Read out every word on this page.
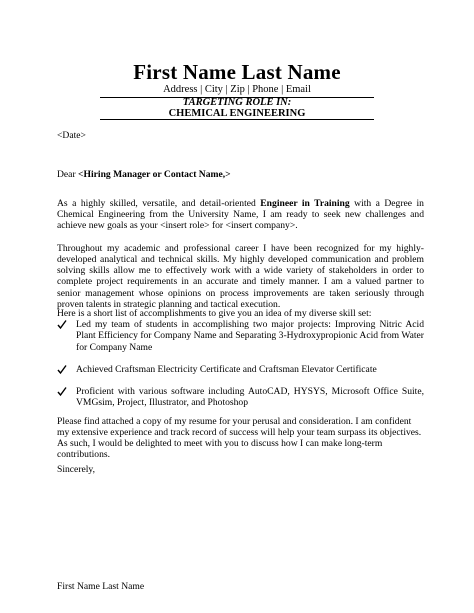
First Name Last Name
Address | City | Zip | Phone | Email
TARGETING ROLE IN:
CHEMICAL ENGINEERING
<Date>

Dear <Hiring Manager or Contact Name,>

As a highly skilled, versatile, and detail-oriented Engineer in Training with a Degree in Chemical Engineering from the University Name, I am ready to seek new challenges and achieve new goals as your <insert role> for <insert company>.

Throughout my academic and professional career I have been recognized for my highly-developed analytical and technical skills. My highly developed communication and problem solving skills allow me to effectively work with a wide variety of stakeholders in order to complete project requirements in an accurate and timely manner. I am a valued partner to senior management whose opinions on process improvements are taken seriously through proven talents in strategic planning and tactical execution.

Here is a short list of accomplishments to give you an idea of my diverse skill set:

Led my team of students in accomplishing two major projects: Improving Nitric Acid Plant Efficiency for Company Name and Separating 3-Hydroxypropionic Acid from Water for Company Name
Achieved Craftsman Electricity Certificate and Craftsman Elevator Certificate
Proficient with various software including AutoCAD, HYSYS, Microsoft Office Suite, VMGsim, Project, Illustrator, and Photoshop

Please find attached a copy of my resume for your perusal and consideration. I am confident my extensive experience and track record of success will help your team surpass its objectives. As such, I would be delighted to meet with you to discuss how I can make long-term contributions.

Sincerely,
First Name Last Name
